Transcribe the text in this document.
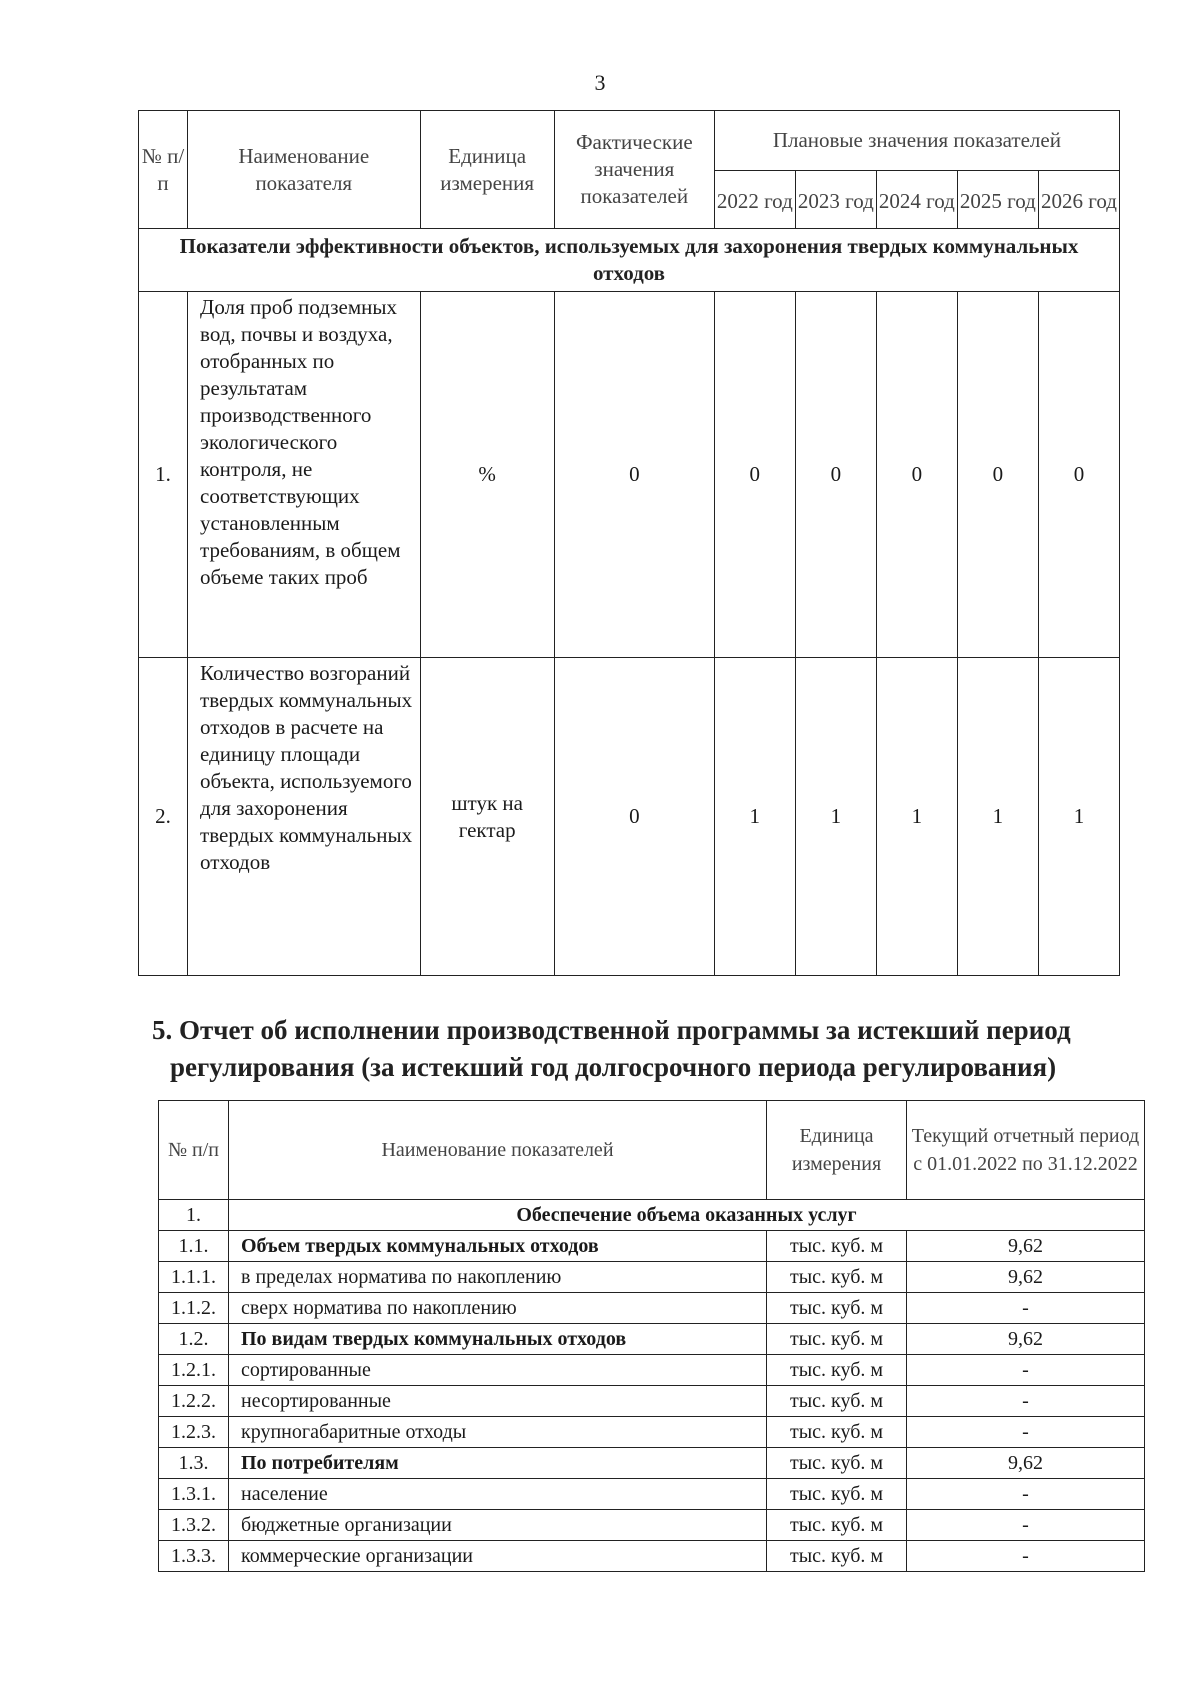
3
№ п/ п	Наименование показателя	Единица измерения	Фактические значения показателей	Плановые значения показателей				
				2022 год	2023 год	2024 год	2025 год	2026 год
Показатели эффективности объектов, используемых для захоронения твердых коммунальных отходов								
1.	Доля проб подземных вод, почвы и воздуха, отобранных по результатам производственного экологического контроля, не соответствующих установленным требованиям, в общем объеме таких проб	%	0	0	0	0	0	0
2.	Количество возгораний твердых коммунальных отходов в расчете на единицу площади объекта, используемого для захоронения твердых коммунальных отходов	штук на гектар	0	1	1	1	1	1
5. Отчет об исполнении производственной программы за истекший период
регулирования (за истекший год долгосрочного периода регулирования)
№ п/п	Наименование показателей	Единица измерения	Текущий отчетный период с 01.01.2022 по 31.12.2022
1.	Обеспечение объема оказанных услуг		
1.1.	Объем твердых коммунальных отходов	тыс. куб. м	9,62
1.1.1.	в пределах норматива по накоплению	тыс. куб. м	9,62
1.1.2.	сверх норматива по накоплению	тыс. куб. м	-
1.2.	По видам твердых коммунальных отходов	тыс. куб. м	9,62
1.2.1.	сортированные	тыс. куб. м	-
1.2.2.	несортированные	тыс. куб. м	-
1.2.3.	крупногабаритные отходы	тыс. куб. м	-
1.3.	По потребителям	тыс. куб. м	9,62
1.3.1.	население	тыс. куб. м	-
1.3.2.	бюджетные организации	тыс. куб. м	-
1.3.3.	коммерческие организации	тыс. куб. м	-
